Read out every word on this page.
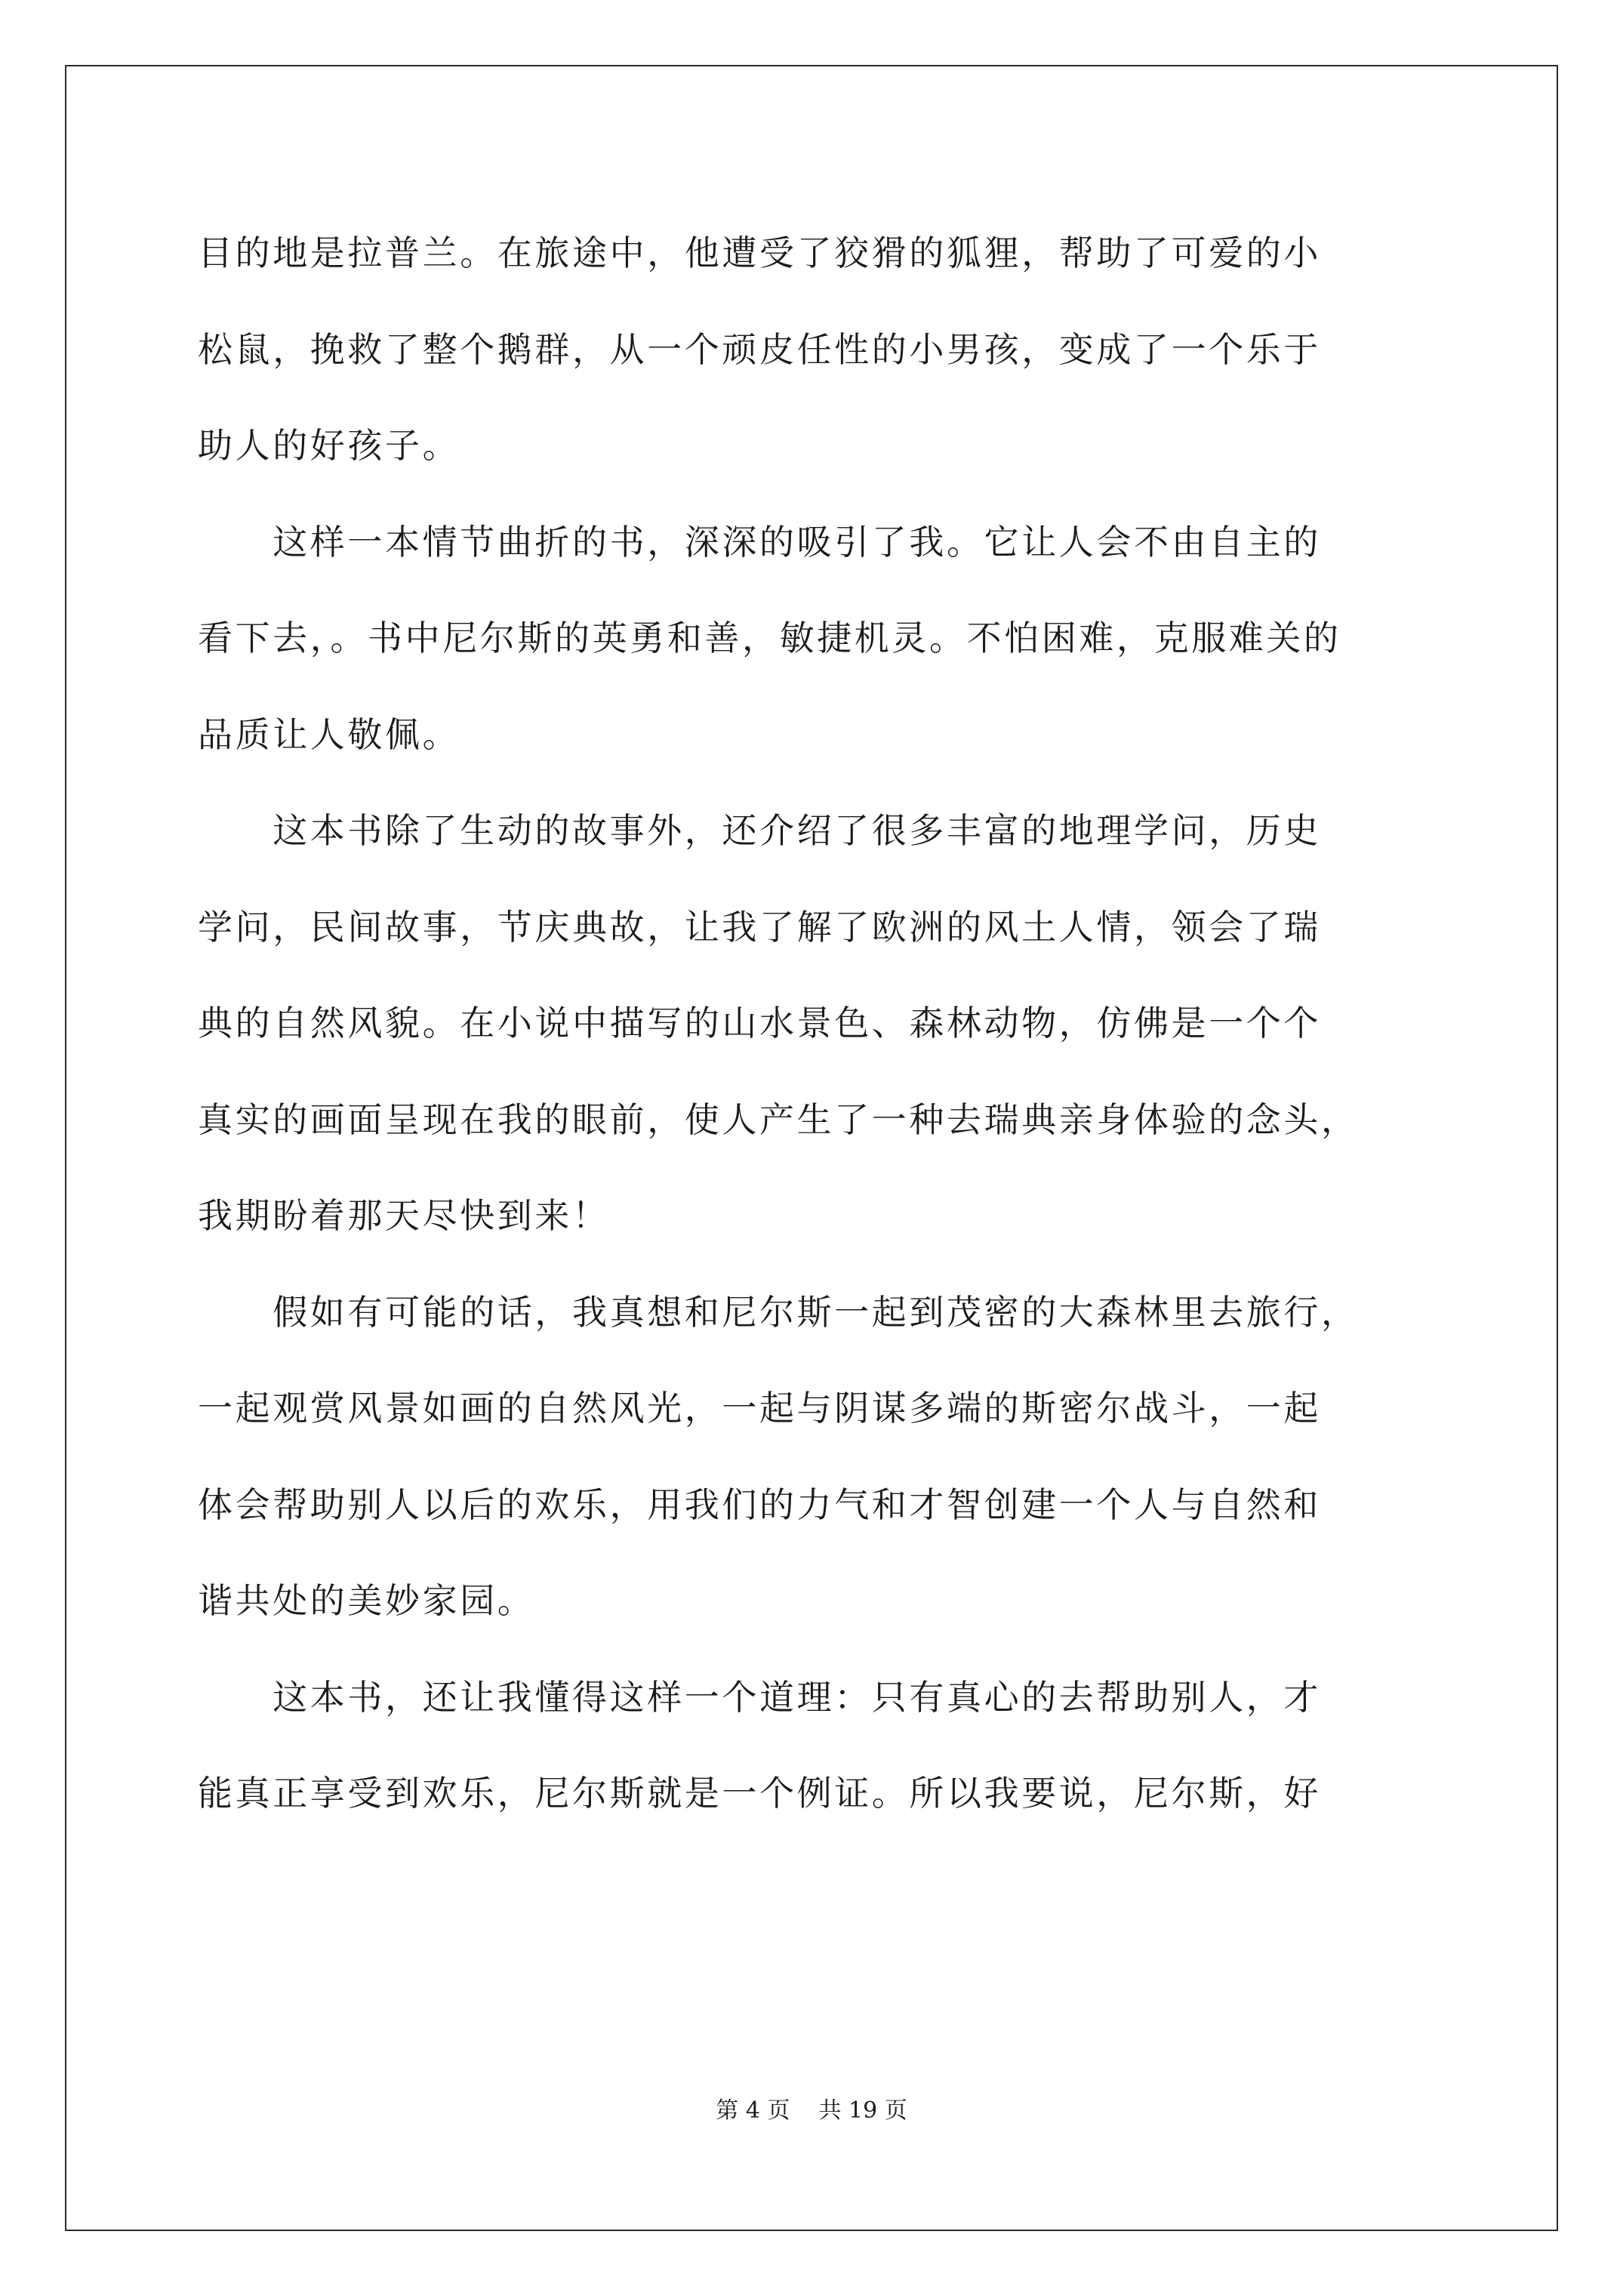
目的地是拉普兰。在旅途中，他遭受了狡猾的狐狸，帮助了可爱的小
松鼠，挽救了整个鹅群，从一个顽皮任性的小男孩，变成了一个乐于
助人的好孩子。
　　这样一本情节曲折的书，深深的吸引了我。它让人会不由自主的
看下去，。书中尼尔斯的英勇和善，敏捷机灵。不怕困难，克服难关的
品质让人敬佩。
　　这本书除了生动的故事外，还介绍了很多丰富的地理学问，历史
学问，民间故事，节庆典故，让我了解了欧洲的风土人情，领会了瑞
典的自然风貌。在小说中描写的山水景色、森林动物，仿佛是一个个
真实的画面呈现在我的眼前，使人产生了一种去瑞典亲身体验的念头，
我期盼着那天尽快到来！
　　假如有可能的话，我真想和尼尔斯一起到茂密的大森林里去旅行，
一起观赏风景如画的自然风光，一起与阴谋多端的斯密尔战斗，一起
体会帮助别人以后的欢乐，用我们的力气和才智创建一个人与自然和
谐共处的美妙家园。
　　这本书，还让我懂得这样一个道理：只有真心的去帮助别人，才
能真正享受到欢乐，尼尔斯就是一个例证。所以我要说，尼尔斯，好
第 4 页 共 19 页
